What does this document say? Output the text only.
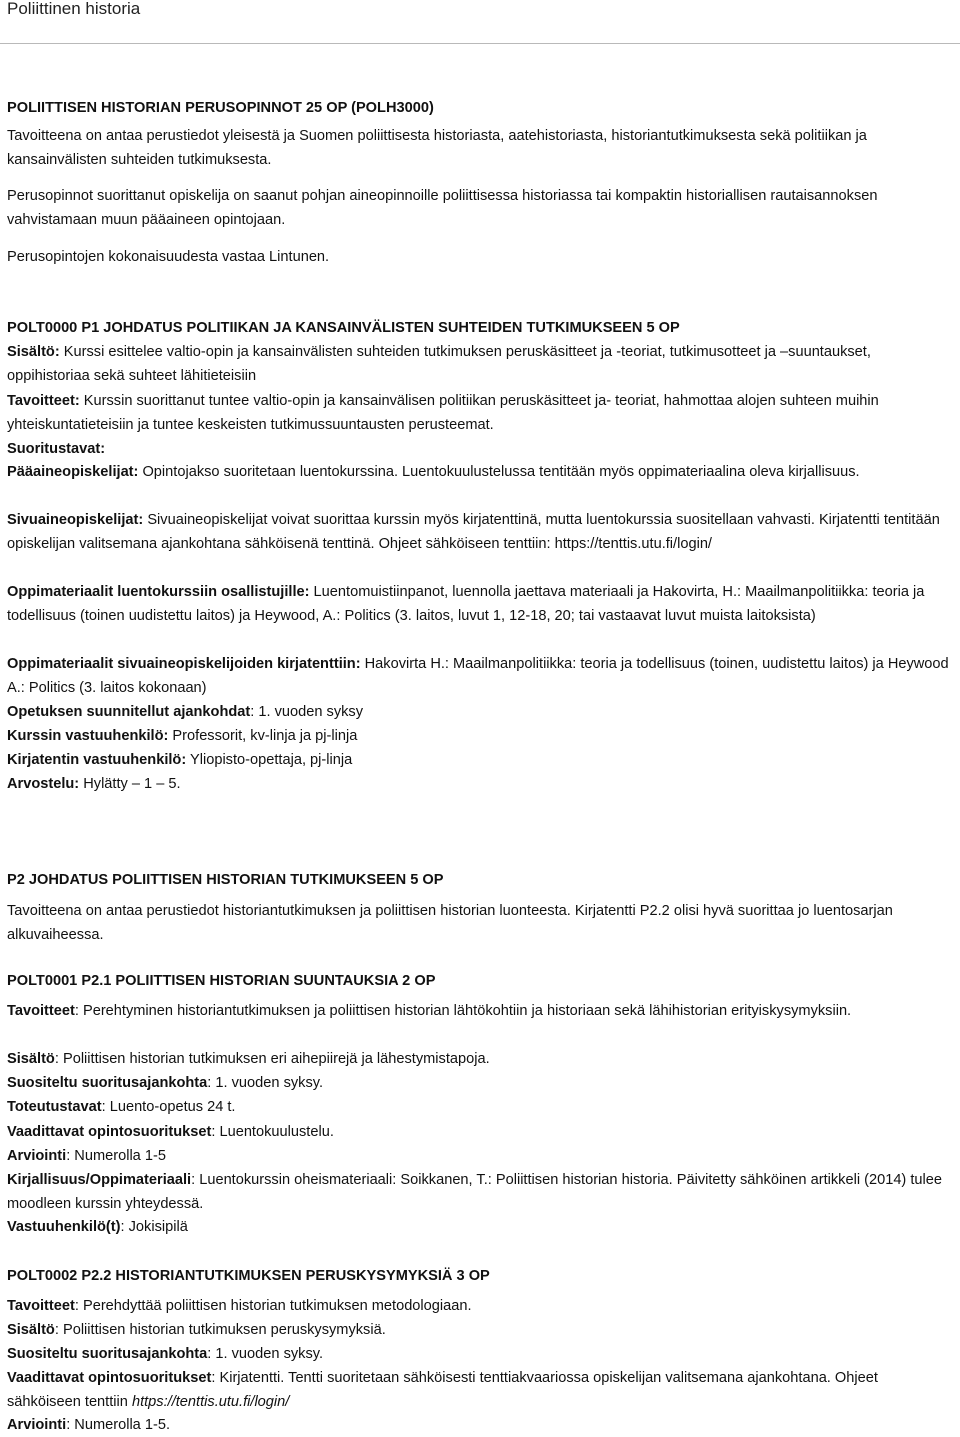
Poliittinen historia

POLIITTISEN HISTORIAN PERUSOPINNOT 25 OP (POLH3000)

Tavoitteena on antaa perustiedot yleisestä ja Suomen poliittisesta historiasta, aatehistoriasta, historiantutkimuksesta sekä politiikan ja kansainvälisten suhteiden tutkimuksesta.

Perusopinnot suorittanut opiskelija on saanut pohjan aineopinnoille poliittisessa historiassa tai kompaktin historiallisen rautaisannoksen vahvistamaan muun pääaineen opintojaan.

Perusopintojen kokonaisuudesta vastaa Lintunen.

POLT0000 P1 JOHDATUS POLITIIKAN JA KANSAINVÄLISTEN SUHTEIDEN TUTKIMUKSEEN 5 OP

Sisältö: Kurssi esittelee valtio-opin ja kansainvälisten suhteiden tutkimuksen peruskäsitteet ja -teoriat, tutkimusotteet ja –suuntaukset, oppihistoriaa sekä suhteet lähitieteisiin

Tavoitteet: Kurssin suorittanut tuntee valtio-opin ja kansainvälisen politiikan peruskäsitteet ja- teoriat, hahmottaa alojen suhteen muihin yhteiskuntatieteisiin ja tuntee keskeisten tutkimussuuntausten perusteemat.

Suoritustavat:

Pääaineopiskelijat: Opintojakso suoritetaan luentokurssina. Luentokuulustelussa tentitään myös oppimateriaalina oleva kirjallisuus.

Sivuaineopiskelijat: Sivuaineopiskelijat voivat suorittaa kurssin myös kirjatenttinä, mutta luentokurssia suositellaan vahvasti. Kirjatentti tentitään opiskelijan valitsemana ajankohtana sähköisenä tenttinä. Ohjeet sähköiseen tenttiin: https://tenttis.utu.fi/login/

Oppimateriaalit luentokurssiin osallistujille: Luentomuistiinpanot, luennolla jaettava materiaali ja Hakovirta, H.: Maailmanpolitiikka: teoria ja todellisuus (toinen uudistettu laitos) ja Heywood, A.: Politics (3. laitos, luvut 1, 12-18, 20; tai vastaavat luvut muista laitoksista)

Oppimateriaalit sivuaineopiskelijoiden kirjatenttiin: Hakovirta H.: Maailmanpolitiikka: teoria ja todellisuus (toinen, uudistettu laitos) ja Heywood A.: Politics (3. laitos kokonaan)

Opetuksen suunnitellut ajankohdat: 1. vuoden syksy

Kurssin vastuuhenkilö: Professorit, kv-linja ja pj-linja

Kirjatentin vastuuhenkilö: Yliopisto-opettaja, pj-linja

Arvostelu: Hylätty – 1 – 5.

P2 JOHDATUS POLIITTISEN HISTORIAN TUTKIMUKSEEN 5 OP

Tavoitteena on antaa perustiedot historiantutkimuksen ja poliittisen historian luonteesta. Kirjatentti P2.2 olisi hyvä suorittaa jo luentosarjan alkuvaiheessa.

POLT0001 P2.1 POLIITTISEN HISTORIAN SUUNTAUKSIA 2 OP

Tavoitteet: Perehtyminen historiantutkimuksen ja poliittisen historian lähtökohtiin ja historiaan sekä lähihistorian erityiskysymyksiin.

Sisältö: Poliittisen historian tutkimuksen eri aihepiirejä ja lähestymistapoja.

Suositeltu suoritusajankohta: 1. vuoden syksy.

Toteutustavat: Luento-opetus 24 t.

Vaadittavat opintosuoritukset: Luentokuulustelu.

Arviointi: Numerolla 1-5

Kirjallisuus/Oppimateriaali: Luentokurssin oheismateriaali: Soikkanen, T.: Poliittisen historian historia. Päivitetty sähköinen artikkeli (2014) tulee moodleen kurssin yhteydessä.

Vastuuhenkilö(t): Jokisipilä

POLT0002 P2.2 HISTORIANTUTKIMUKSEN PERUSKYSYMYKSIÄ 3 OP

Tavoitteet: Perehdyttää poliittisen historian tutkimuksen metodologiaan.

Sisältö: Poliittisen historian tutkimuksen peruskysymyksiä.

Suositeltu suoritusajankohta: 1. vuoden syksy.

Vaadittavat opintosuoritukset: Kirjatentti. Tentti suoritetaan sähköisesti tenttiakvaariossa opiskelijan valitsemana ajankohtana. Ohjeet sähköiseen tenttiin https://tenttis.utu.fi/login/

Arviointi: Numerolla 1-5.
